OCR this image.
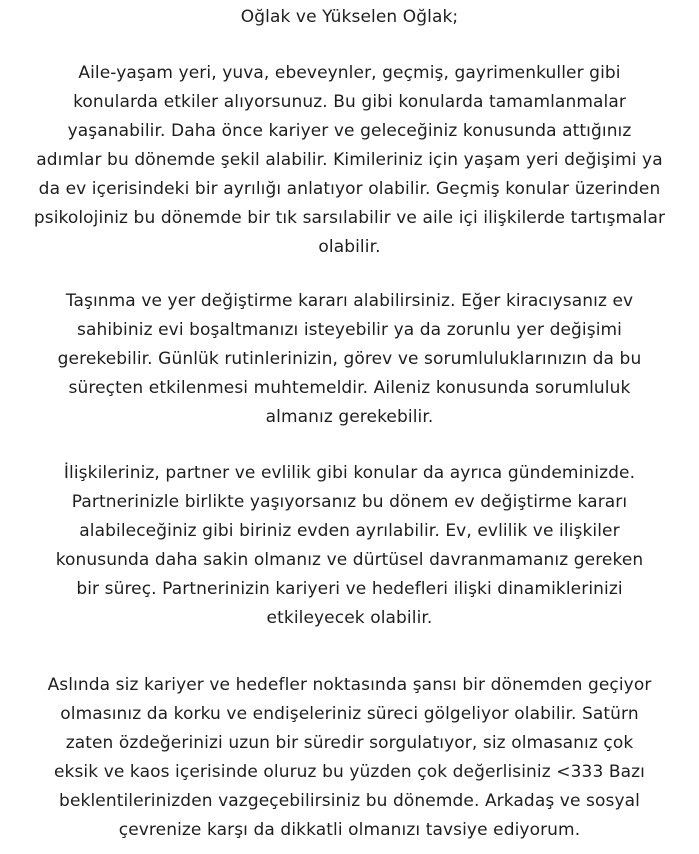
Oğlak ve Yükselen Oğlak;
Aile-yaşam yeri, yuva, ebeveynler, geçmiş, gayrimenkuller gibi
konularda etkiler alıyorsunuz. Bu gibi konularda tamamlanmalar
yaşanabilir. Daha önce kariyer ve geleceğiniz konusunda attığınız
adımlar bu dönemde şekil alabilir. Kimileriniz için yaşam yeri değişimi ya
da ev içerisindeki bir ayrılığı anlatıyor olabilir. Geçmiş konular üzerinden
psikolojiniz bu dönemde bir tık sarsılabilir ve aile içi ilişkilerde tartışmalar
olabilir.
Taşınma ve yer değiştirme kararı alabilirsiniz. Eğer kiracıysanız ev
sahibiniz evi boşaltmanızı isteyebilir ya da zorunlu yer değişimi
gerekebilir. Günlük rutinlerinizin, görev ve sorumluluklarınızın da bu
süreçten etkilenmesi muhtemeldir. Aileniz konusunda sorumluluk
almanız gerekebilir.
İlişkileriniz, partner ve evlilik gibi konular da ayrıca gündeminizde.
Partnerinizle birlikte yaşıyorsanız bu dönem ev değiştirme kararı
alabileceğiniz gibi biriniz evden ayrılabilir. Ev, evlilik ve ilişkiler
konusunda daha sakin olmanız ve dürtüsel davranmamanız gereken
bir süreç. Partnerinizin kariyeri ve hedefleri ilişki dinamiklerinizi
etkileyecek olabilir.
Aslında siz kariyer ve hedefler noktasında şansı bir dönemden geçiyor
olmasınız da korku ve endişeleriniz süreci gölgeliyor olabilir. Satürn
zaten özdeğerinizi uzun bir süredir sorgulatıyor, siz olmasanız çok
eksik ve kaos içerisinde oluruz bu yüzden çok değerlisiniz <333 Bazı
beklentilerinizden vazgeçebilirsiniz bu dönemde. Arkadaş ve sosyal
çevrenize karşı da dikkatli olmanızı tavsiye ediyorum.
